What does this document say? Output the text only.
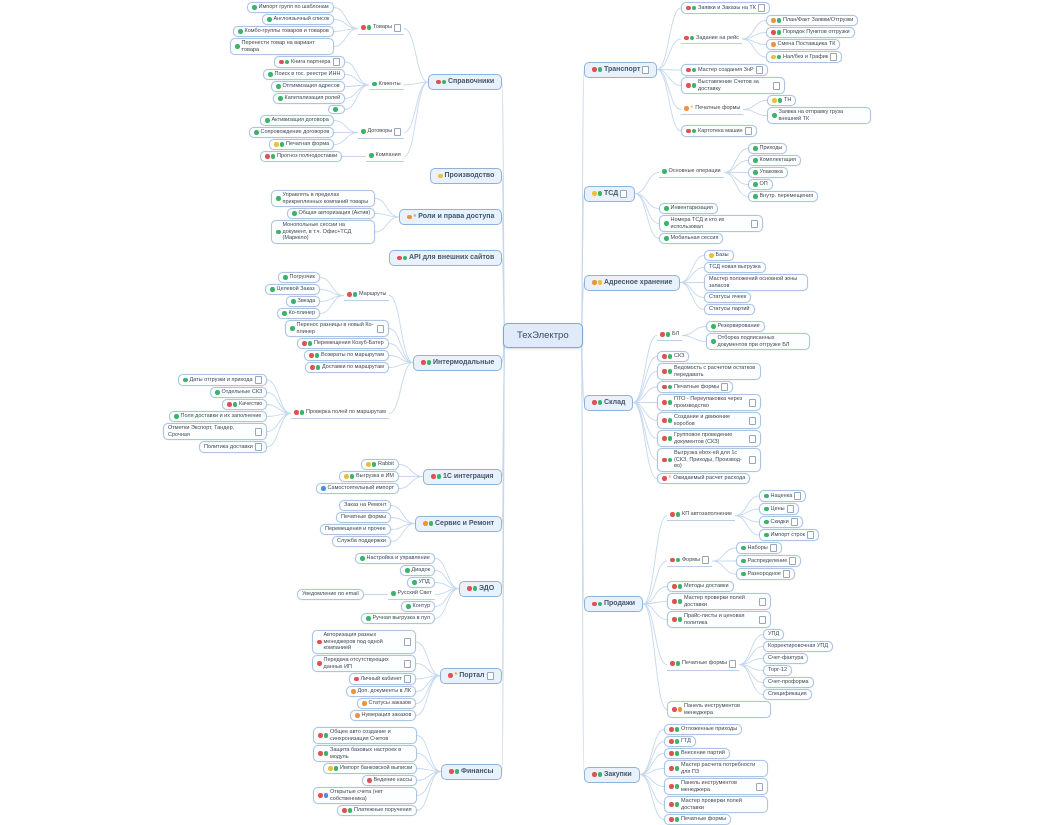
Транспорт
Заявки и Заказы на ТК
Задание на рейс
План/Факт Заявки/Отгрузки
Порядок Пунктов отгрузки
Смена Поставщика ТК
Нал/без и График
Мастер создания ЗнР
Выставление Счетов за доставку
* Печатные формы
ТН
Заявка на отправку груза внешней ТК
Картотека машин
ТСД
Основные операции
Приходы
Комплектация
Упаковка
ОП
Внутр. перемещения
Инвентаризация
Номера ТСД и кто их использовал
Мобильная сессия
Адресное хранение
Базы
ТСД новая выгрузка
Мастер положений основной зоны запасов
Статусы ячеек
Статусы партий
Склад
БЛ
Резервирование
Отборка подписанных документов при отгрузке БЛ
СКЗ
Ведомость с расчетом остатков передавать
Печатные формы
ПТО - Переупаковка через производство
Создание и движение коробов
Групповое проведение документов (СКЗ)
Выгрузка ebox-ей для 1с (СКЗ, Приходы, Производ-во)
* Ожидаемый расчет расхода
Продажи
КП автозаполнение
Наценка
Цены
Скидки
Импорт строк
Формы
Наборы
Распределение
Разнородное
Методы доставки
Мастер проверки полей доставки
Прайс-листы и ценовая политика
Печатные формы
УПД
Корректировочная УПД
Счет-фактура
Торг-12
Счет-проформа
Спецификация
Панель инструментов менеджера
Закупки
Отложенные приходы
ГТД
Внесение партий
Мастер расчета потребности для ПЗ
Панель инструментов менеджера
Мастер проверки полей доставки
Печатные формы
Справочники
Товары
Импорт групп по шаблонам
Англоязычный список
Комбо-группы товаров и товаров
Перенести товар на вариант товара
Клиенты
Книга партнера
Поиск в гос. реестре ИНН
Оптимизация адресов
Капитализация ролей
Договоры
Активизация договора
Сопровождение договоров
Печатная форма
Компания
Прогноз полнодоставки
Производство
* Роли и права доступа
Управлять в пределах прикрепленных компаний товары
Общая авторизация (Актив)
Монопольные сессии на документ, в т.ч. Офис+ТСД (Маркело)
API для внешних сайтов
Интермодальные
Маршруты
Погрузчик
Целевой Заказ
Звезда
Ко-плинер
Перенос разницы в новый Ко-плинер
Перемещения Козуб-Батер
Возвраты по маршрутам
Доставки по маршрутам
Проверка полей по маршрутам
Даты отгрузки и прихода
Отдельные СКЗ
Качество
Поля доставки и их заполнение
Отметки Экспорт, Тандер, Срочная
Политика доставки
1С интеграция
Rabbit
Выгрузка в ИМ
Самостоятельный импорт
Сервис и Ремонт
Заказ на Ремонт
Печатные формы
Перемещения и прочее
Служба поддержки
ЭДО
Настройка и управление
Диадок
УПД
Русский Свет
Уведомление по email
Контур
Ручная выгрузка в пул
* Портал
Авторизация разных менеджеров под одной компанией
Передача отсутствующих данных ИП
Личный кабинет
Доп. документы в ЛК
Статусы заказов
Нумерация заказов
Финансы
Общее авто создание и синхронизация Счетов
Защита базовых настроек в модуль
Импорт банковской выписки
Ведение кассы
Открытые счета (нет собственника)
Платежные поручения
ТехЭлектро
